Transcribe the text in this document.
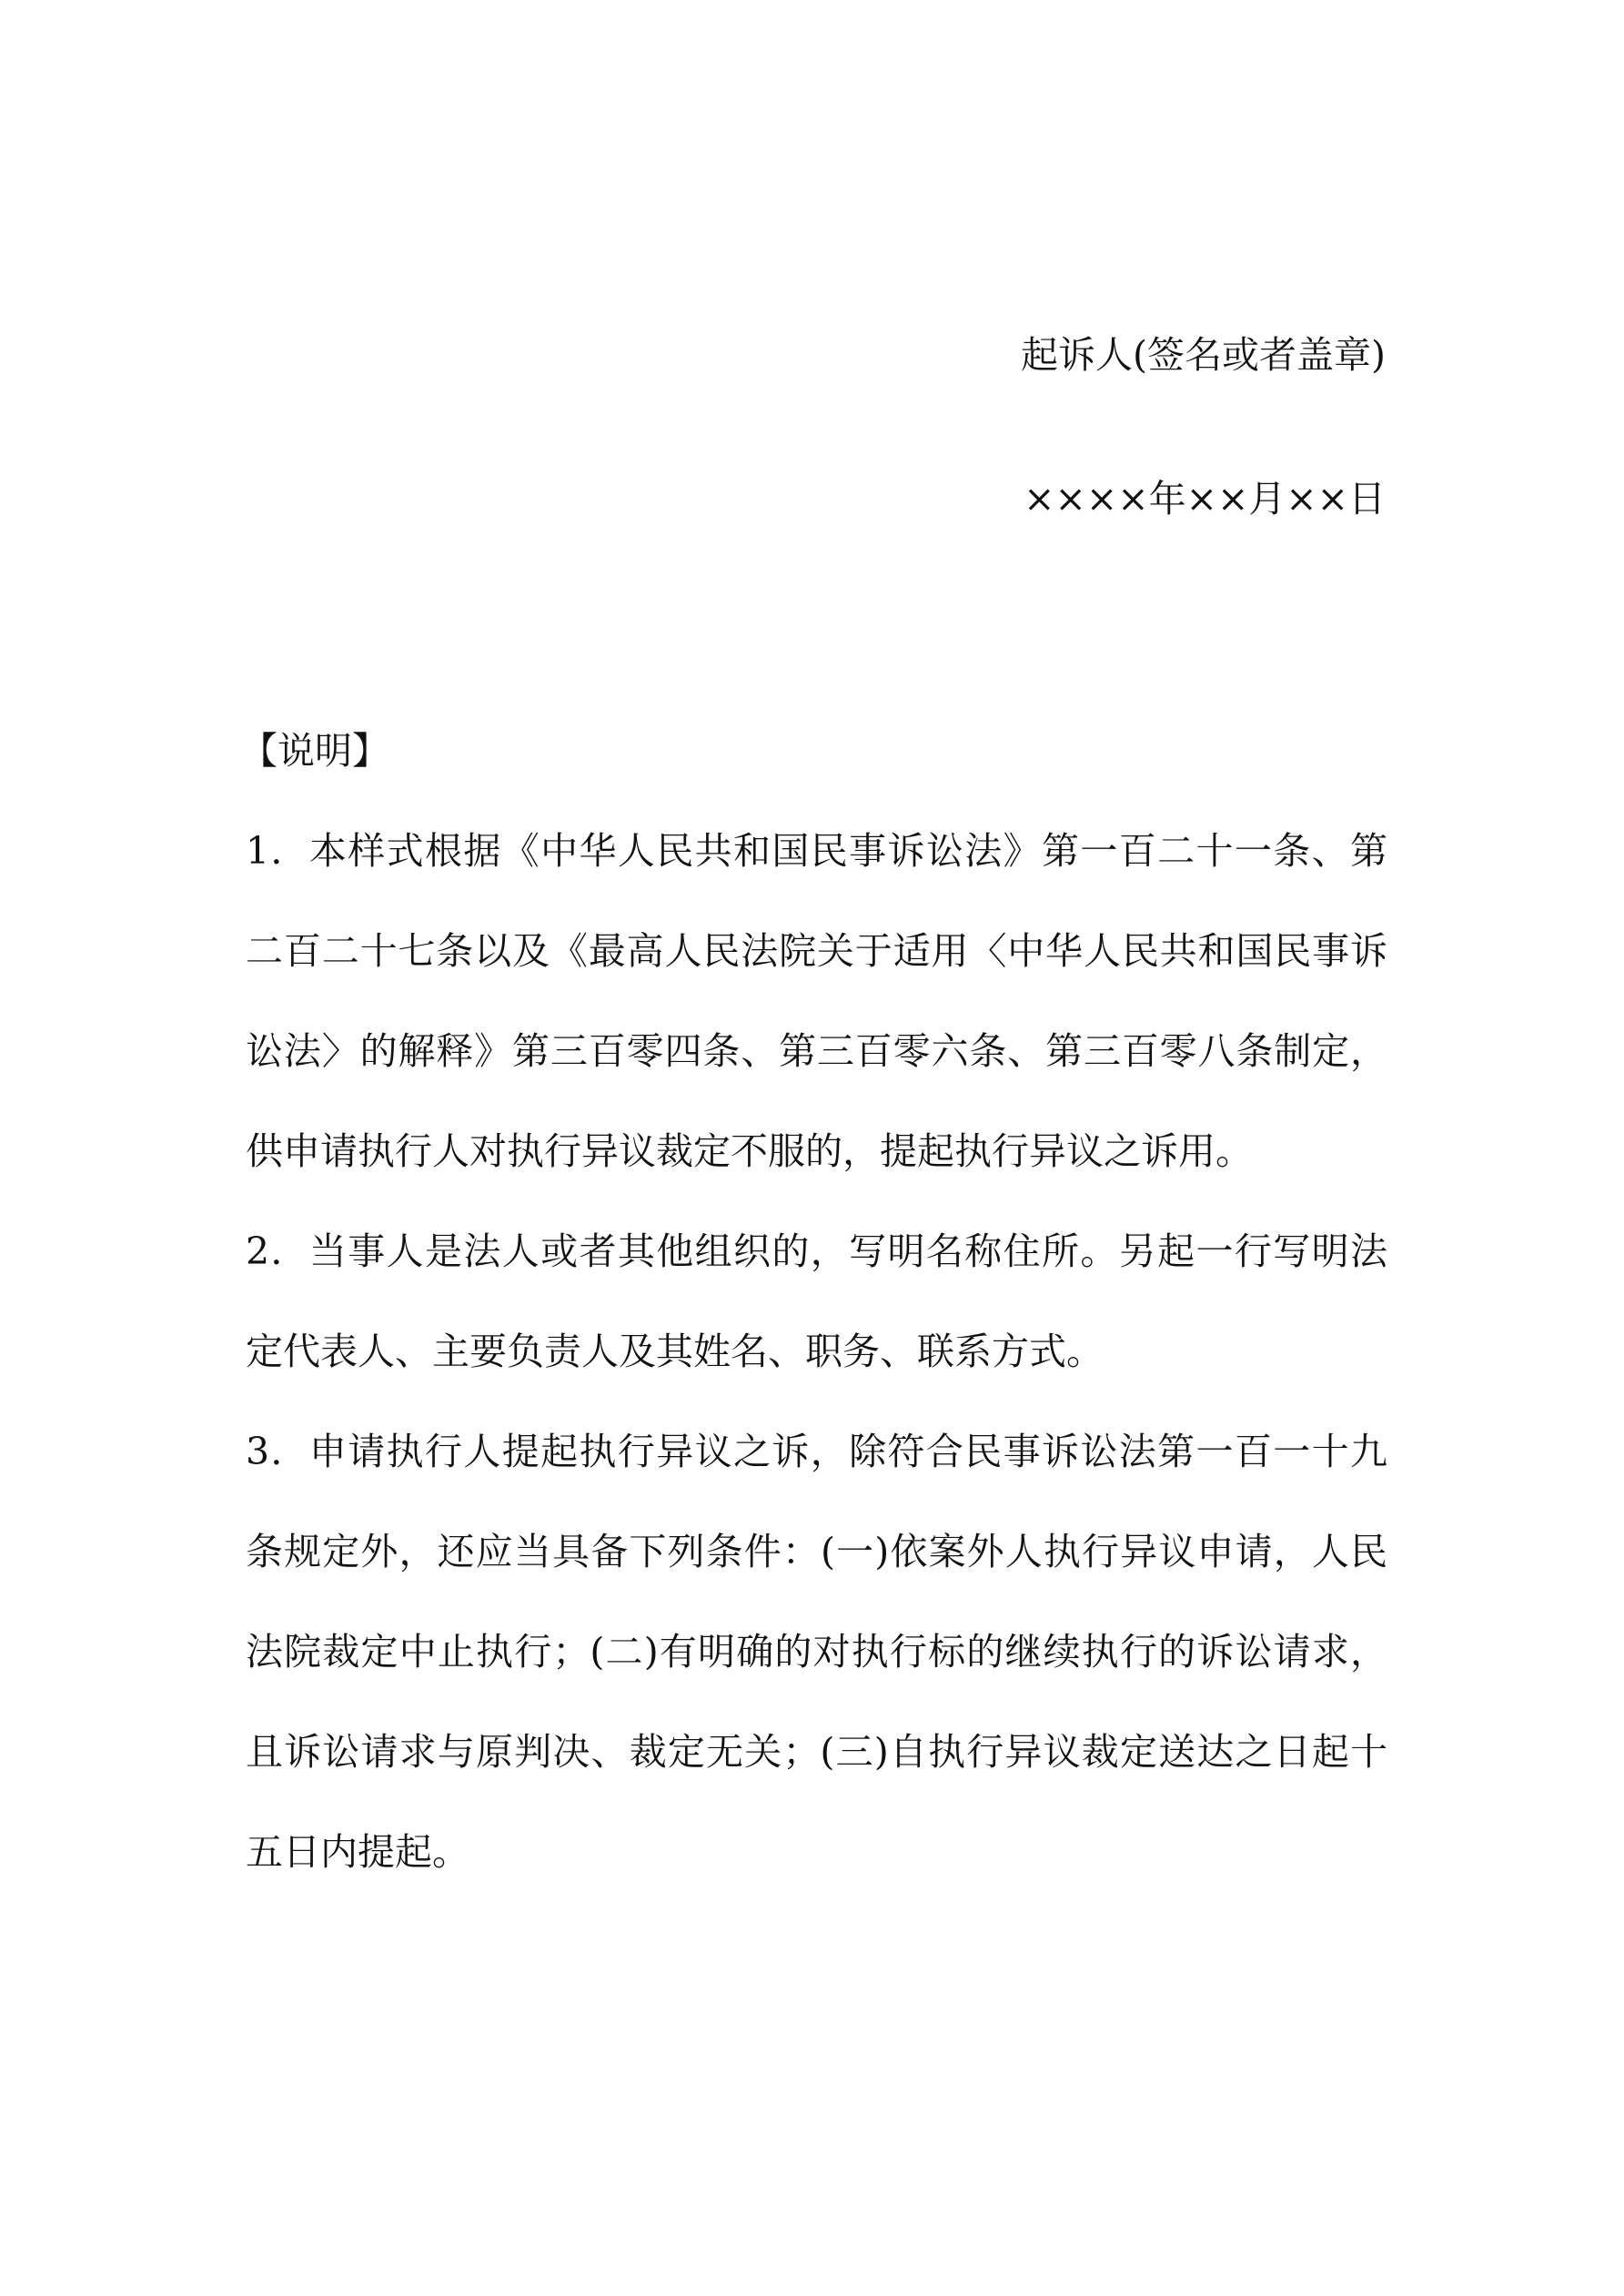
起诉人(签名或者盖章)
××××年××月××日
【说明】

1．本样式根据《中华人民共和国民事诉讼法》第一百二十一条、第二百二十七条以及《最高人民法院关于适用〈中华人民共和国民事诉讼法〉的解释》第三百零四条、第三百零六条、第三百零八条制定，供申请执行人对执行异议裁定不服的，提起执行异议之诉用。

2．当事人是法人或者其他组织的，写明名称住所。另起一行写明法定代表人、主要负责人及其姓名、职务、联系方式。

3．申请执行人提起执行异议之诉，除符合民事诉讼法第一百一十九条规定外，还应当具备下列条件：(一)依案外人执行异议申请，人民法院裁定中止执行；(二)有明确的对执行标的继续执行的诉讼请求，且诉讼请求与原判决、裁定无关；(三)自执行异议裁定送达之日起十五日内提起。
